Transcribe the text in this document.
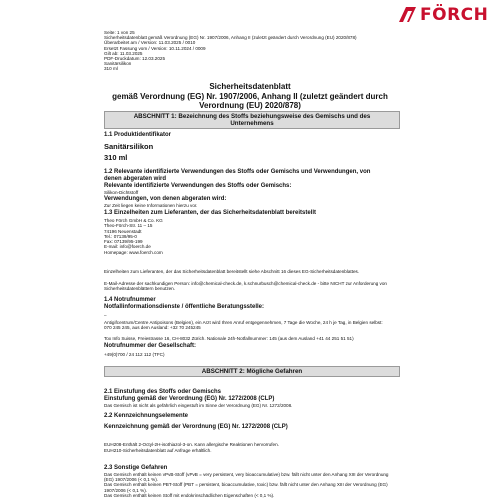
FÖRCH
Seite: 1 von 25
Sicherheitsdatenblatt gemäß Verordnung (EG) Nr. 1907/2006, Anhang II (zuletzt geändert durch Verordnung (EU) 2020/878)
Überarbeitet am / Version: 11.03.2025 / 0010
Ersetzt Fassung vom / Version: 10.11.2024 / 0009
Gilt ab: 11.03.2025
PDF-Druckdatum: 12.03.2025
Sanitärsilikon
310 ml
Sicherheitsdatenblatt
gemäß Verordnung (EG) Nr. 1907/2006, Anhang II (zuletzt geändert durch
Verordnung (EU) 2020/878)
ABSCHNITT 1: Bezeichnung des Stoffs beziehungsweise des Gemischs und des
Unternehmens
1.1 Produktidentifikator
Sanitärsilikon
310 ml
1.2 Relevante identifizierte Verwendungen des Stoffs oder Gemischs und Verwendungen, von
denen abgeraten wird
Relevante identifizierte Verwendungen des Stoffs oder Gemischs:
Silikon-Dichtstoff
Verwendungen, von denen abgeraten wird:
Zur Zeit liegen keine Informationen hierzu vor.
1.3 Einzelheiten zum Lieferanten, der das Sicherheitsdatenblatt bereitstellt
Theo Förch GmbH & Co. KG
Theo-Förch-Str. 11 – 15
74196 Neuenstadt
Tel.: 07139/95-0
Fax: 07139/95-199
E-mail: info@foerch.de
Homepage: www.foerch.com
Einzelheiten zum Lieferanten, der das Sicherheitsdatenblatt bereitstellt siehe Abschnitt 16 dieses EG-Sicherheitsdatenblattes.
E-Mail-Adresse der sachkundigen Person: info@chemical-check.de, k.schnurbusch@chemical-check.de - bitte NICHT zur Anforderung von
Sicherheitsdatenblättern benutzen.
1.4 Notrufnummer
Notfallinformationsdienste / öffentliche Beratungsstelle:
–
Antigifcentrum/Centre Antipoisons (Belgien), ein Arzt wird Ihren Anruf entgegennehmen, 7 Tage die Woche, 24 h je Tag, in Belgien selbst:
070 245 245, aus dem Ausland: +32 70 245245
Tox Info Suisse, Freiestrasse 16, CH-8032 Zürich. Nationale 24h-Notfallnummer: 145 (aus dem Ausland +41 44 251 51 51)
Notrufnummer der Gesellschaft:
+49(0)700 / 24 112 112 (TFC)
ABSCHNITT 2: Mögliche Gefahren
2.1 Einstufung des Stoffs oder Gemischs
Einstufung gemäß der Verordnung (EG) Nr. 1272/2008 (CLP)
Das Gemisch ist nicht als gefährlich eingestuft im Sinne der Verordnung (EG) Nr. 1272/2008.
2.2 Kennzeichnungselemente
Kennzeichnung gemäß der Verordnung (EG) Nr. 1272/2008 (CLP)
EUH208-Enthält 2-Octyl-2H-isothiazol-3-on. Kann allergische Reaktionen hervorrufen.
EUH210-Sicherheitsdatenblatt auf Anfrage erhältlich.
2.3 Sonstige Gefahren
Das Gemisch enthält keinen vPvB-Stoff (vPvB = very persistent, very bioaccumulative) bzw. fällt nicht unter den Anhang XIII der Verordnung
(EG) 1907/2006 (< 0,1 %).
Das Gemisch enthält keinen PBT-Stoff (PBT = persistent, bioaccumulative, toxic) bzw. fällt nicht unter den Anhang XIII der Verordnung (EG)
1907/2006 (< 0,1 %).
Das Gemisch enthält keinen Stoff mit endokrinschädlichen Eigenschaften (< 0,1 %).
